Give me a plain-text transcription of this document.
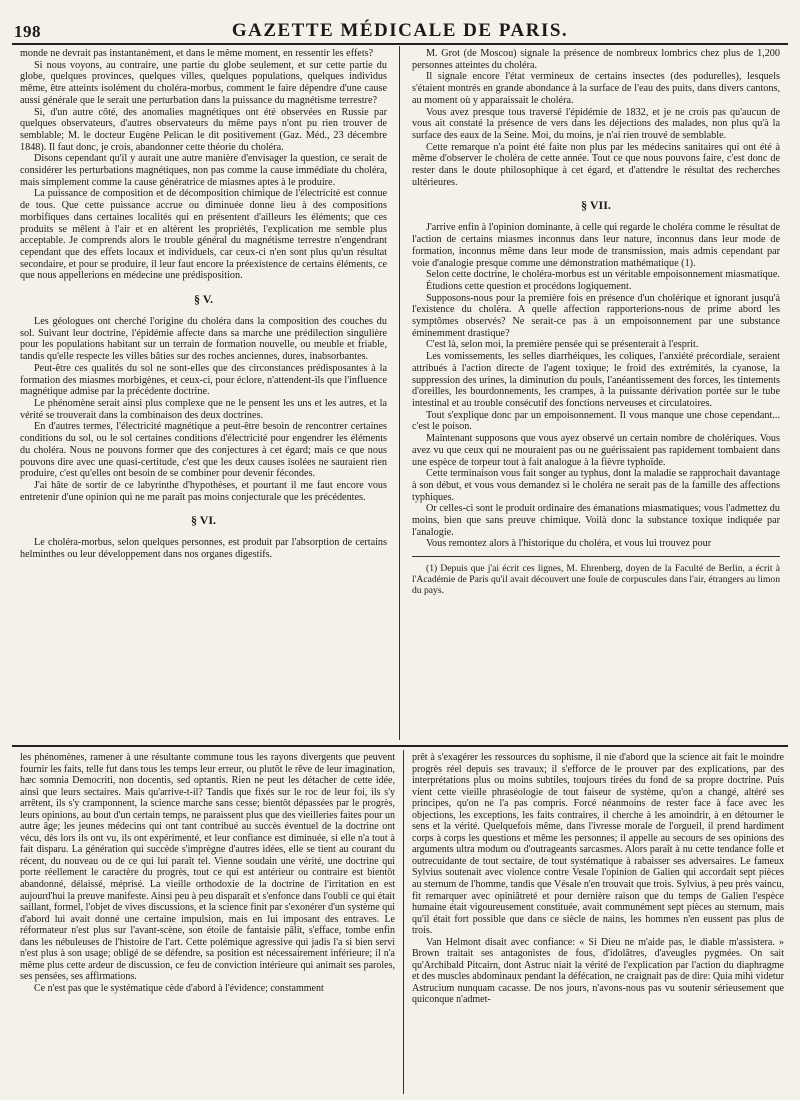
198	GAZETTE MÉDICALE DE PARIS.

monde ne devrait pas instantanément, et dans le même moment, en ressentir les effets?

Si nous voyons, au contraire, une partie du globe seulement, et sur cette partie du globe, quelques provinces, quelques villes, quelques populations, quelques individus même, être atteints isolément du choléra-morbus, comment le faire dépendre d'une cause aussi générale que le serait une perturbation dans la puissance du magnétisme terrestre?

Si, d'un autre côté, des anomalies magnétiques ont été observées en Russie par quelques observateurs, d'autres observateurs du même pays n'ont pu rien trouver de semblable; M. le docteur Eugène Pelican le dit positivement (Gaz. Méd., 23 décembre 1848). Il faut donc, je crois, abandonner cette théorie du choléra.

Disons cependant qu'il y aurait une autre manière d'envisager la question, ce serait de considérer les perturbations magnétiques, non pas comme la cause immédiate du choléra, mais simplement comme la cause génératrice de miasmes aptes à le produire.

La puissance de composition et de décomposition chimique de l'électricité est connue de tous. Que cette puissance accrue ou diminuée donne lieu à des compositions morbifiques dans certaines localités qui en présentent d'ailleurs les éléments; que ces produits se mêlent à l'air et en altèrent les propriétés, l'explication me semble plus acceptable. Je comprends alors le trouble général du magnétisme terrestre n'engendrant cependant que des effets locaux et individuels, car ceux-ci n'en sont plus qu'un résultat secondaire, et pour se produire, il leur faut encore la préexistence de certains éléments, ce que nous appellerions en médecine une prédisposition.

§ V.

Les géologues ont cherché l'origine du choléra dans la composition des couches du sol. Suivant leur doctrine, l'épidémie affecte dans sa marche une prédilection singulière pour les populations habitant sur un terrain de formation nouvelle, ou meuble et friable, tandis qu'elle respecte les villes bâties sur des roches anciennes, dures, inabsorbantes.

Peut-être ces qualités du sol ne sont-elles que des circonstances prédisposantes à la formation des miasmes morbigènes, et ceux-ci, pour éclore, n'attendent-ils que l'influence magnétique admise par la précédente doctrine.

Le phénomène serait ainsi plus complexe que ne le pensent les uns et les autres, et la vérité se trouverait dans la combinaison des deux doctrines.

En d'autres termes, l'électricité magnétique a peut-être besoin de rencontrer certaines conditions du sol, ou le sol certaines conditions d'électricité pour engendrer les éléments du choléra. Nous ne pouvons former que des conjectures à cet égard; mais ce que nous pouvons dire avec une quasi-certitude, c'est que les deux causes isolées ne sauraient rien produire, c'est qu'elles ont besoin de se combiner pour devenir fécondes.

J'ai hâte de sortir de ce labyrinthe d'hypothèses, et pourtant il me faut encore vous entretenir d'une opinion qui ne me paraît pas moins conjecturale que les précédentes.

§ VI.

Le choléra-morbus, selon quelques personnes, est produit par l'absorption de certains helminthes ou leur développement dans nos organes digestifs.

M. Grot (de Moscou) signale la présence de nombreux lombrics chez plus de 1,200 personnes atteintes du choléra.

Il signale encore l'état vermineux de certains insectes (des podurelles), lesquels s'étaient montrés en grande abondance à la surface de l'eau des puits, dans divers cantons, au moment où y apparaissait le choléra.

Vous avez presque tous traversé l'épidémie de 1832, et je ne crois pas qu'aucun de vous ait constaté la présence de vers dans les déjections des malades, non plus qu'à la surface des eaux de la Seine. Moi, du moins, je n'ai rien trouvé de semblable.

Cette remarque n'a point été faite non plus par les médecins sanitaires qui ont été à même d'observer le choléra de cette année. Tout ce que nous pouvons faire, c'est donc de rester dans le doute philosophique à cet égard, et d'attendre le résultat des recherches ultérieures.

§ VII.

J'arrive enfin à l'opinion dominante, à celle qui regarde le choléra comme le résultat de l'action de certains miasmes inconnus dans leur nature, inconnus dans leur mode de formation, inconnus même dans leur mode de transmission, mais admis cependant par voie d'analogie presque comme une démonstration mathématique (1).

Selon cette doctrine, le choléra-morbus est un véritable empoisonnement miasmatique.

Étudions cette question et procédons logiquement.

Supposons-nous pour la première fois en présence d'un cholérique et ignorant jusqu'à l'existence du choléra. A quelle affection rapporterions-nous de prime abord les symptômes observés? Ne serait-ce pas à un empoisonnement par une substance éminemment drastique?

C'est là, selon moi, la première pensée qui se présenterait à l'esprit.

Les vomissements, les selles diarrhéiques, les coliques, l'anxiété précordiale, seraient attribués à l'action directe de l'agent toxique; le froid des extrémités, la cyanose, la suppression des urines, la diminution du pouls, l'anéantissement des forces, les tintements d'oreilles, les bourdonnements, les crampes, à la puissante dérivation portée sur le tube intestinal et au trouble consécutif des fonctions nerveuses et circulatoires.

Tout s'explique donc par un empoisonnement. Il vous manque une chose cependant... c'est le poison.

Maintenant supposons que vous ayez observé un certain nombre de cholériques. Vous avez vu que ceux qui ne mouraient pas ou ne guérissaient pas rapidement tombaient dans une espèce de torpeur tout à fait analogue à la fièvre typhoïde.

Cette terminaison vous fait songer au typhus, dont la maladie se rapprochait davantage à son début, et vous vous demandez si le choléra ne serait pas de la famille des affections typhiques.

Or celles-ci sont le produit ordinaire des émanations miasmatiques; vous l'admettez du moins, bien que sans preuve chimique. Voilà donc la substance toxique indiquée par l'analogie.

Vous remontez alors à l'historique du choléra, et vous lui trouvez pour

(1) Depuis que j'ai écrit ces lignes, M. Ehrenberg, doyen de la Faculté de Berlin, a écrit à l'Académie de Paris qu'il avait découvert une foule de corpuscules dans l'air, étrangers au limon du pays.

les phénomènes, ramener à une résultante commune tous les rayons divergents que peuvent fournir les faits, telle fut dans tous les temps leur erreur, ou plutôt le rêve de leur imagination, hæc somnia Democriti, non docentis, sed optantis. Rien ne peut les détacher de cette idée, ainsi que leurs sectaires. Mais qu'arrive-t-il? Tandis que fixés sur le roc de leur foi, ils s'y arrêtent, ils s'y cramponnent, la science marche sans cesse; bientôt dépassées par le progrès, leurs opinions, au bout d'un certain temps, ne paraissent plus que des vieilleries faites pour un autre âge; les jeunes médecins qui ont tant contribué au succès éventuel de la doctrine ont vécu, dès lors ils ont vu, ils ont expérimenté, et leur confiance est diminuée, si elle n'a tout à fait disparu. La génération qui succède s'imprègne d'autres idées, elle se tient au courant du récent, du nouveau ou de ce qui lui paraît tel. Vienne soudain une vérité, une doctrine qui porte réellement le caractère du progrès, tout ce qui est antérieur ou contraire est bientôt abandonné, délaissé, méprisé. La vieille orthodoxie de la doctrine de l'irritation en est aujourd'hui la preuve manifeste. Ainsi peu à peu disparaît et s'enfonce dans l'oubli ce qui était saillant, formel, l'objet de vives discussions, et la science finit par s'exonérer d'un système qui d'abord lui avait donné une certaine impulsion, mais en lui imposant des entraves. Le réformateur n'est plus sur l'avant-scène, son étoile de fantaisie pâlit, s'efface, tombe enfin dans les nébuleuses de l'histoire de l'art. Cette polémique agressive qui jadis l'a si bien servi n'est plus à son usage; obligé de se défendre, sa position est nécessairement inférieure; il n'a même plus cette ardeur de discussion, ce feu de conviction intérieure qui animait ses paroles, ses pensées, ses affirmations.

Ce n'est pas que le systématique cède d'abord à l'évidence; constamment

prêt à s'exagérer les ressources du sophisme, il nie d'abord que la science ait fait le moindre progrès réel depuis ses travaux; il s'efforce de le prouver par des explications, par des interprétations plus ou moins subtiles, toujours tirées du fond de sa propre doctrine. Puis vient cette vieille phraséologie de tout faiseur de système, qu'on a changé, altéré ses principes, qu'on ne l'a pas compris. Forcé néanmoins de rester face à face avec les objections, les exceptions, les faits contraires, il cherche à les amoindrir, à en détourner le sens et la vérité. Quelquefois même, dans l'ivresse morale de l'orgueil, il prend hardiment corps à corps les questions et même les personnes; il appelle au secours de ses opinions des arguments ultra modum ou d'outrageants sarcasmes. Alors paraît à nu cette tendance folle et outrecuidante de tout sectaire, de tout systématique à rabaisser ses adversaires. Le fameux Sylvius soutenait avec violence contre Vesale l'opinion de Galien qui accordait sept pièces au sternum de l'homme, tandis que Vésale n'en trouvait que trois. Sylvius, à peu près vaincu, fit remarquer avec opiniâtreté et pour dernière raison que du temps de Galien l'espèce humaine était vigoureusement constituée, avait communément sept pièces au sternum, mais qu'il était fort possible que dans ce siècle de nains, les hommes n'en eussent pas plus de trois.

Van Helmont disait avec confiance: « Si Dieu ne m'aide pas, le diable m'assistera. » Brown traitait ses antagonistes de fous, d'idolâtres, d'aveugles pygmées. On sait qu'Archibald Pitcairn, dont Astruc niait la vérité de l'explication par l'action du diaphragme et des muscles abdominaux pendant la défécation, ne craignait pas de dire: Quia mihi videtur Astrucium nunquam cacasse. De nos jours, n'avons-nous pas vu soutenir sérieusement que quiconque n'admet-
